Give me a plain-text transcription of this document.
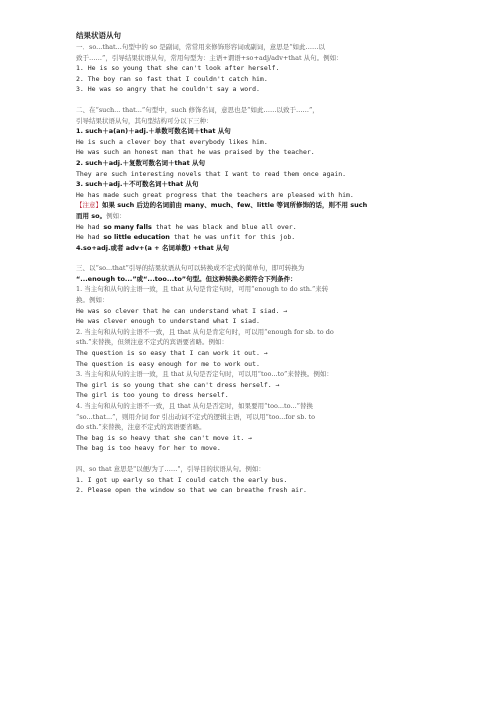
结果状语从句
一．so...that...句型中的 so 是副词，常常用来修饰形容词或副词，意思是“如此……以
致于……”，引导结果状语从句，常用句型为：主语+谓语+so+adj/adv+that 从句。例如：
1. He is so young that she can't look after herself.
2. The boy ran so fast that I couldn't catch him.
3. He was so angry that he couldn't say a word.
二、在“such... that...”句型中，such 修饰名词，意思也是“如此……以致于……”，
引导结果状语从句，其句型结构可分以下三种：
1. such＋a(an)＋adj.＋单数可数名词＋that 从句
He is such a clever boy that everybody likes him.
He was such an honest man that he was praised by the teacher.
2. such＋adj.＋复数可数名词＋that 从句
They are such interesting novels that I want to read them once again.
3. such＋adj.＋不可数名词＋that 从句
He has made such great progress that the teachers are pleased with him.
【注意】如果 such 后边的名词前由 many、much、few、little 等词所修饰的话，则不用 such
而用 so。例如：
He had so many falls that he was black and blue all over.
He had so little education that he was unfit for this job.
4.so+adj.或者 adv+(a + 名词单数) +that 从句
三、以“so...that”引导的结果状语从句可以转换成不定式的简单句，即可转换为
“...enough to...”或“...too...to”句型。但这种转换必须符合下列条件：
1. 当主句和从句的主语一致，且 that 从句是肯定句时，可用“enough to do sth.”来转
换。例如：
He was so clever that he can understand what I siad. →
He was clever enough to understand what I siad.
2. 当主句和从句的主语不一致，且 that 从句是肯定句时，可以用“enough for sb. to do
sth.”来替换，但须注意不定式的宾语要省略。例如：
The question is so easy that I can work it out. →
The question is easy enough for me to work out.
3. 当主句和从句的主语一致，且 that 从句是否定句时，可以用“too...to”来替换。例如：
The girl is so young that she can't dress herself. →
The girl is too young to dress herself.
4. 当主句和从句的主语不一致，且 that 从句是否定时，如果要用“too...to...”替换
“so...that...”，则用介词 for 引出动词不定式的逻辑主语，可以用“too...for sb. to
do sth.”来替换，注意不定式的宾语要省略。
The bag is so heavy that she can't move it. →
The bag is too heavy for her to move.
四、so that 意思是"以便/为了……"，引导目的状语从句。例如：
1. I got up early so that I could catch the early bus.
2. Please open the window so that we can breathe fresh air.
